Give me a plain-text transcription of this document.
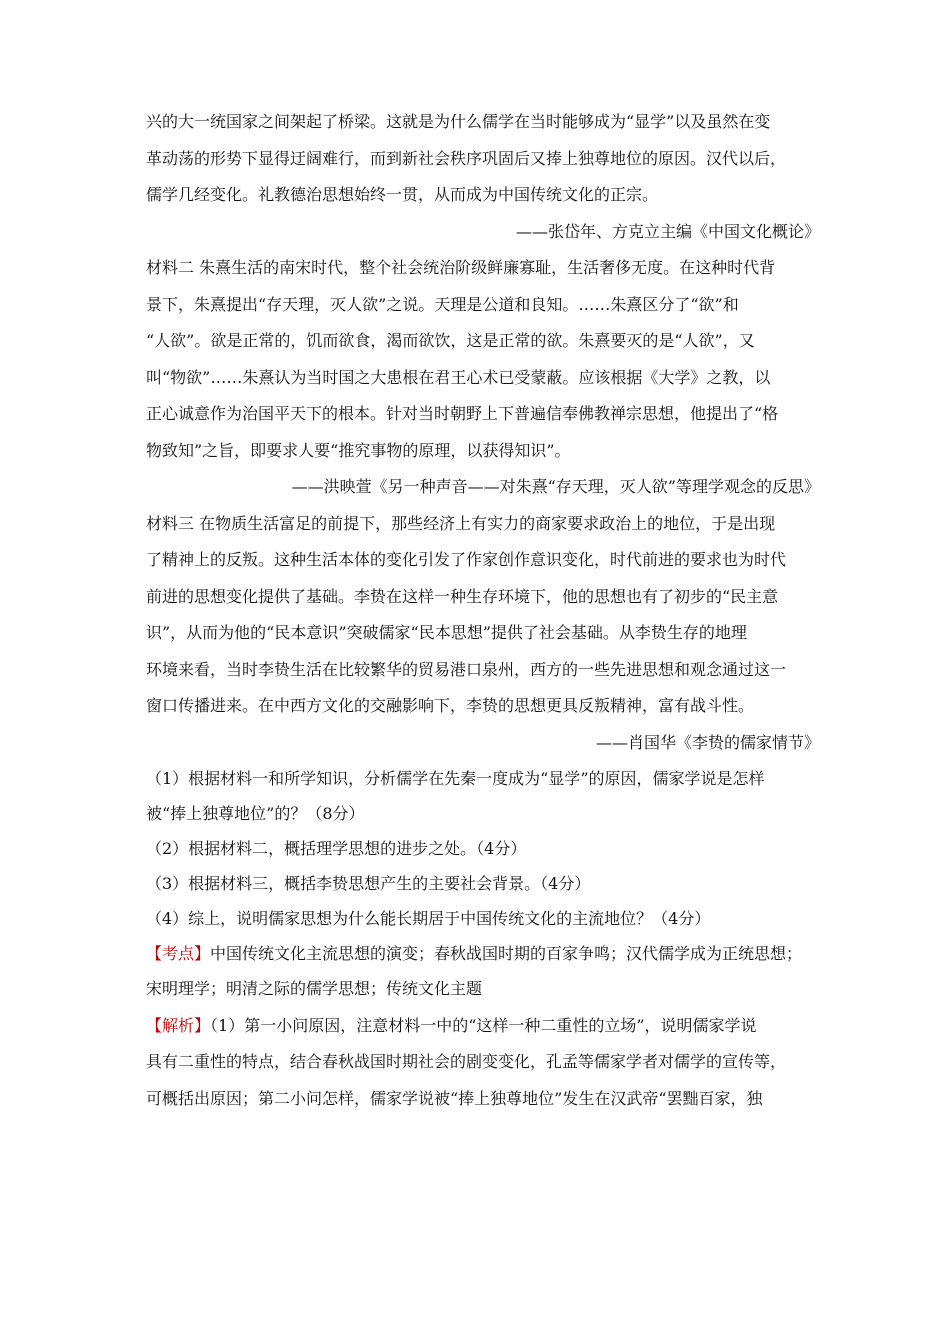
兴的大一统国家之间架起了桥梁。这就是为什么儒学在当时能够成为“显学”以及虽然在变
革动荡的形势下显得迂阔难行，而到新社会秩序巩固后又捧上独尊地位的原因。汉代以后，
儒学几经变化。礼教德治思想始终一贯，从而成为中国传统文化的正宗。
——张岱年、方克立主编《中国文化概论》
材料二 朱熹生活的南宋时代，整个社会统治阶级鲜廉寡耻，生活奢侈无度。在这种时代背
景下，朱熹提出“存天理，灭人欲”之说。天理是公道和良知。……朱熹区分了“欲”和
“人欲”。欲是正常的，饥而欲食，渴而欲饮，这是正常的欲。朱熹要灭的是“人欲”，又
叫“物欲”……朱熹认为当时国之大患根在君王心术已受蒙蔽。应该根据《大学》之教，以
正心诚意作为治国平天下的根本。针对当时朝野上下普遍信奉佛教禅宗思想，他提出了“格
物致知”之旨，即要求人要“推究事物的原理，以获得知识”。
——洪映萱《另一种声音——对朱熹“存天理，灭人欲”等理学观念的反思》
材料三 在物质生活富足的前提下，那些经济上有实力的商家要求政治上的地位，于是出现
了精神上的反叛。这种生活本体的变化引发了作家创作意识变化，时代前进的要求也为时代
前进的思想变化提供了基础。李贽在这样一种生存环境下，他的思想也有了初步的“民主意
识”，从而为他的“民本意识”突破儒家“民本思想”提供了社会基础。从李贽生存的地理
环境来看，当时李贽生活在比较繁华的贸易港口泉州，西方的一些先进思想和观念通过这一
窗口传播进来。在中西方文化的交融影响下，李贽的思想更具反叛精神，富有战斗性。
——肖国华《李贽的儒家情节》
（1）根据材料一和所学知识，分析儒学在先秦一度成为“显学”的原因，儒家学说是怎样
被“捧上独尊地位”的？（8分）
（2）根据材料二，概括理学思想的进步之处。（4分）
（3）根据材料三，概括李贽思想产生的主要社会背景。（4分）
（4）综上，说明儒家思想为什么能长期居于中国传统文化的主流地位？（4分）
【考点】中国传统文化主流思想的演变；春秋战国时期的百家争鸣；汉代儒学成为正统思想；
宋明理学；明清之际的儒学思想；传统文化主题
【解析】（1）第一小问原因，注意材料一中的“这样一种二重性的立场”，说明儒家学说
具有二重性的特点，结合春秋战国时期社会的剧变变化，孔孟等儒家学者对儒学的宣传等，
可概括出原因；第二小问怎样，儒家学说被“捧上独尊地位”发生在汉武帝“罢黜百家，独
